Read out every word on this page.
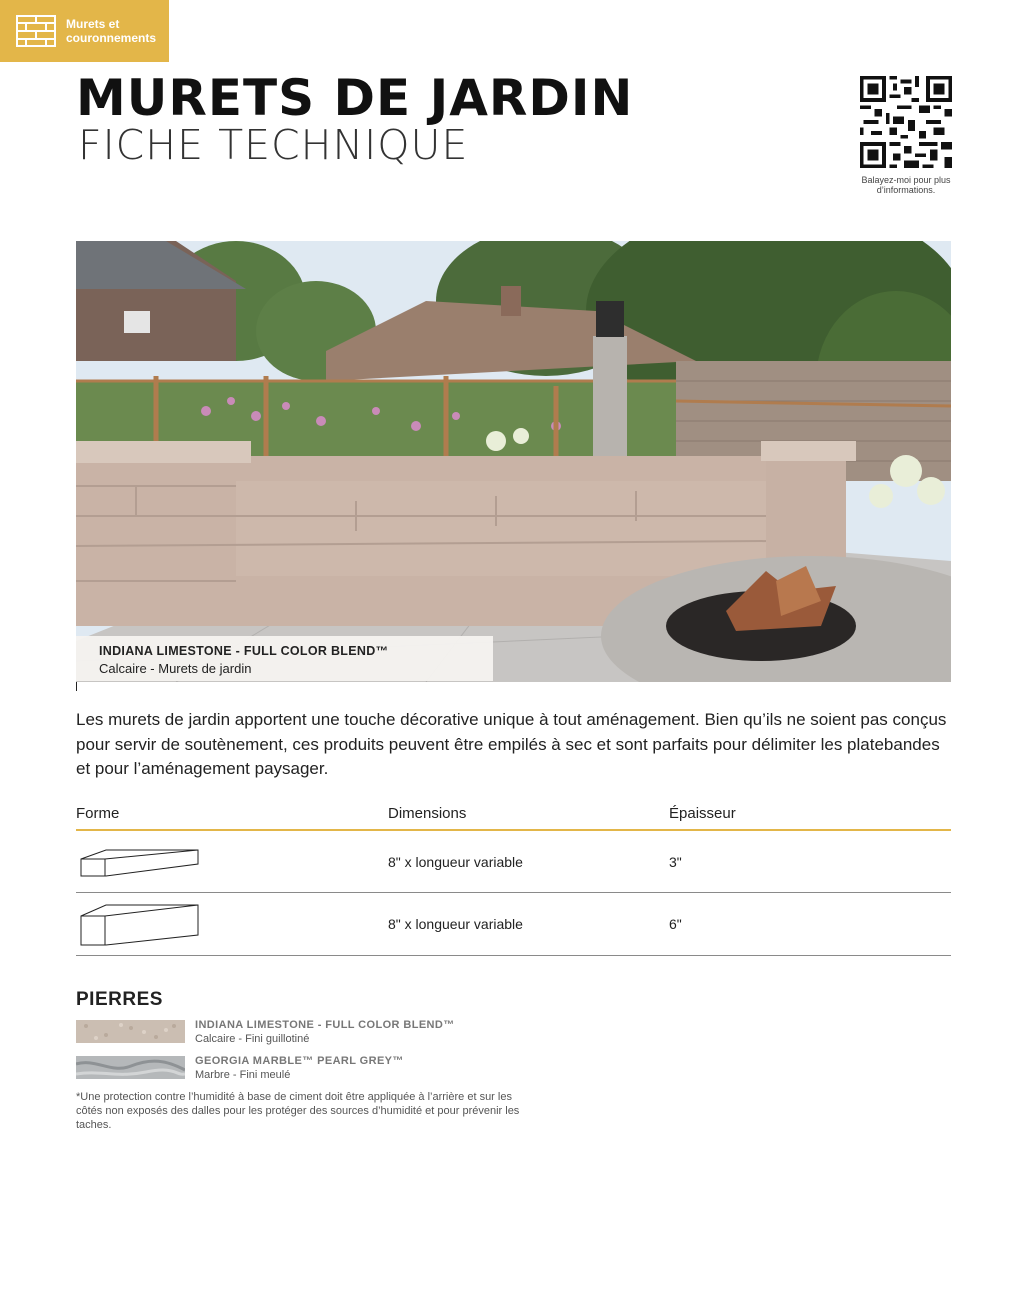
Murets et couronnements
MURETS DE JARDIN
FICHE TECHNIQUE
Balayez-moi pour plus d’informations.
INDIANA LIMESTONE - FULL COLOR BLEND™
Calcaire - Murets de jardin

Les murets de jardin apportent une touche décorative unique à tout aménagement. Bien qu’ils ne soient pas conçus pour servir de soutènement, ces produits peuvent être empilés à sec et sont parfaits pour délimiter les platebandes et pour l’aménagement paysager.

Forme	Dimensions	Épaisseur
8" x longueur variable	3"
8" x longueur variable	6"
PIERRES
INDIANA LIMESTONE - FULL COLOR BLEND™
Calcaire - Fini guillotiné
GEORGIA MARBLE™ PEARL GREY™
Marbre - Fini meulé

*Une protection contre l’humidité à base de ciment doit être appliquée à l’arrière et sur les côtés non exposés des dalles pour les protéger des sources d’humidité et pour prévenir les taches.
